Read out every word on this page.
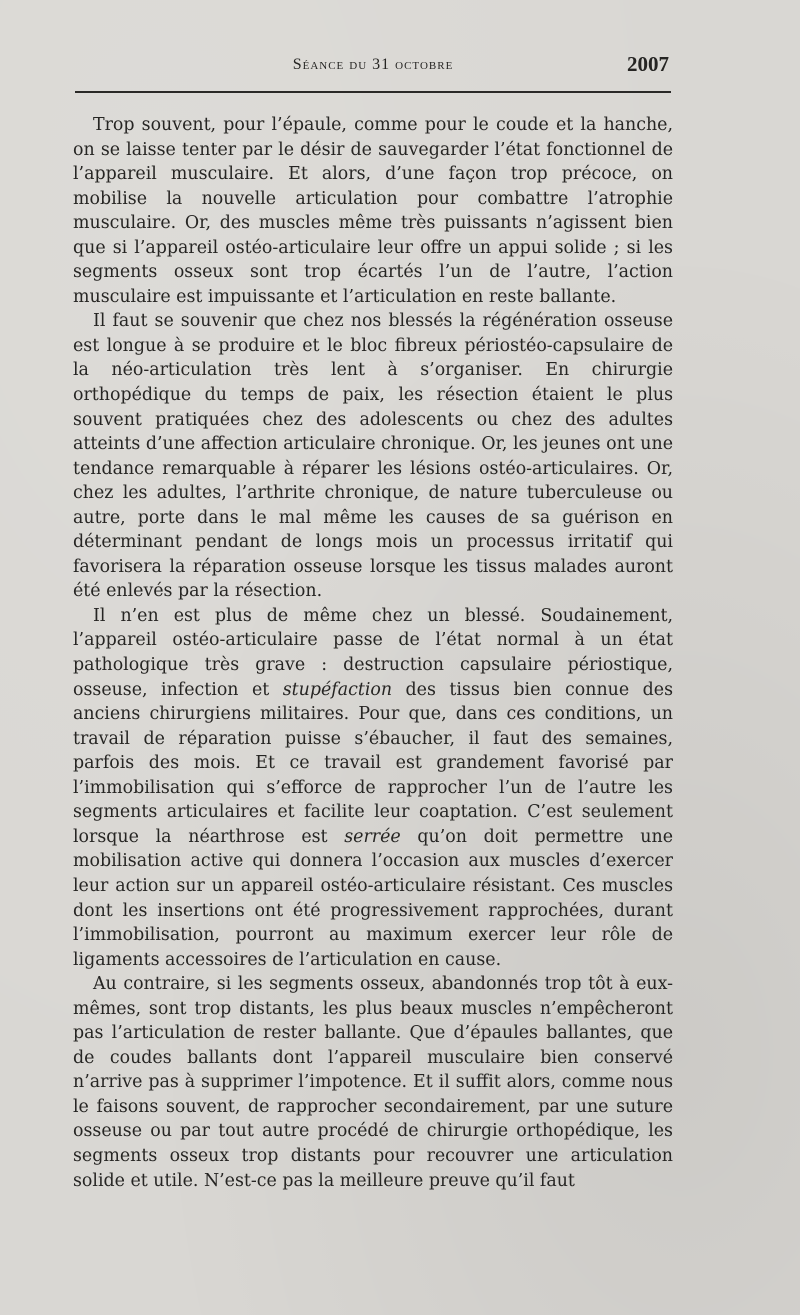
Séance du 31 octobre	2007

Trop souvent, pour l’épaule, comme pour le coude et la hanche, on se laisse tenter par le désir de sauvegarder l’état fonctionnel de l’appareil musculaire. Et alors, d’une façon trop précoce, on mobilise la nouvelle articulation pour combattre l’atrophie musculaire. Or, des muscles même très puissants n’agissent bien que si l’appareil ostéo-articulaire leur offre un appui solide ; si les segments osseux sont trop écartés l’un de l’autre, l’action musculaire est impuissante et l’articulation en reste ballante.

Il faut se souvenir que chez nos blessés la régénération osseuse est longue à se produire et le bloc fibreux périostéo-capsulaire de la néo-articulation très lent à s’organiser. En chirurgie orthopédique du temps de paix, les résection étaient le plus souvent pratiquées chez des adolescents ou chez des adultes atteints d’une affection articulaire chronique. Or, les jeunes ont une tendance remarquable à réparer les lésions ostéo-articulaires. Or, chez les adultes, l’arthrite chronique, de nature tuberculeuse ou autre, porte dans le mal même les causes de sa guérison en déterminant pendant de longs mois un processus irritatif qui favorisera la réparation osseuse lorsque les tissus malades auront été enlevés par la résection.

Il n’en est plus de même chez un blessé. Soudainement, l’appareil ostéo-articulaire passe de l’état normal à un état pathologique très grave : destruction capsulaire périostique, osseuse, infection et stupéfaction des tissus bien connue des anciens chirurgiens militaires. Pour que, dans ces conditions, un travail de réparation puisse s’ébaucher, il faut des semaines, parfois des mois. Et ce travail est grandement favorisé par l’immobilisation qui s’efforce de rapprocher l’un de l’autre les segments articulaires et facilite leur coaptation. C’est seulement lorsque la néarthrose est serrée qu’on doit permettre une mobilisation active qui donnera l’occasion aux muscles d’exercer leur action sur un appareil ostéo-articulaire résistant. Ces muscles dont les insertions ont été progressivement rapprochées, durant l’immobilisation, pourront au maximum exercer leur rôle de ligaments accessoires de l’articulation en cause.

Au contraire, si les segments osseux, abandonnés trop tôt à eux-mêmes, sont trop distants, les plus beaux muscles n’empêcheront pas l’articulation de rester ballante. Que d’épaules ballantes, que de coudes ballants dont l’appareil musculaire bien conservé n’arrive pas à supprimer l’impotence. Et il suffit alors, comme nous le faisons souvent, de rapprocher secondairement, par une suture osseuse ou par tout autre procédé de chirurgie orthopédique, les segments osseux trop distants pour recouvrer une articulation solide et utile. N’est-ce pas la meilleure preuve qu’il faut
